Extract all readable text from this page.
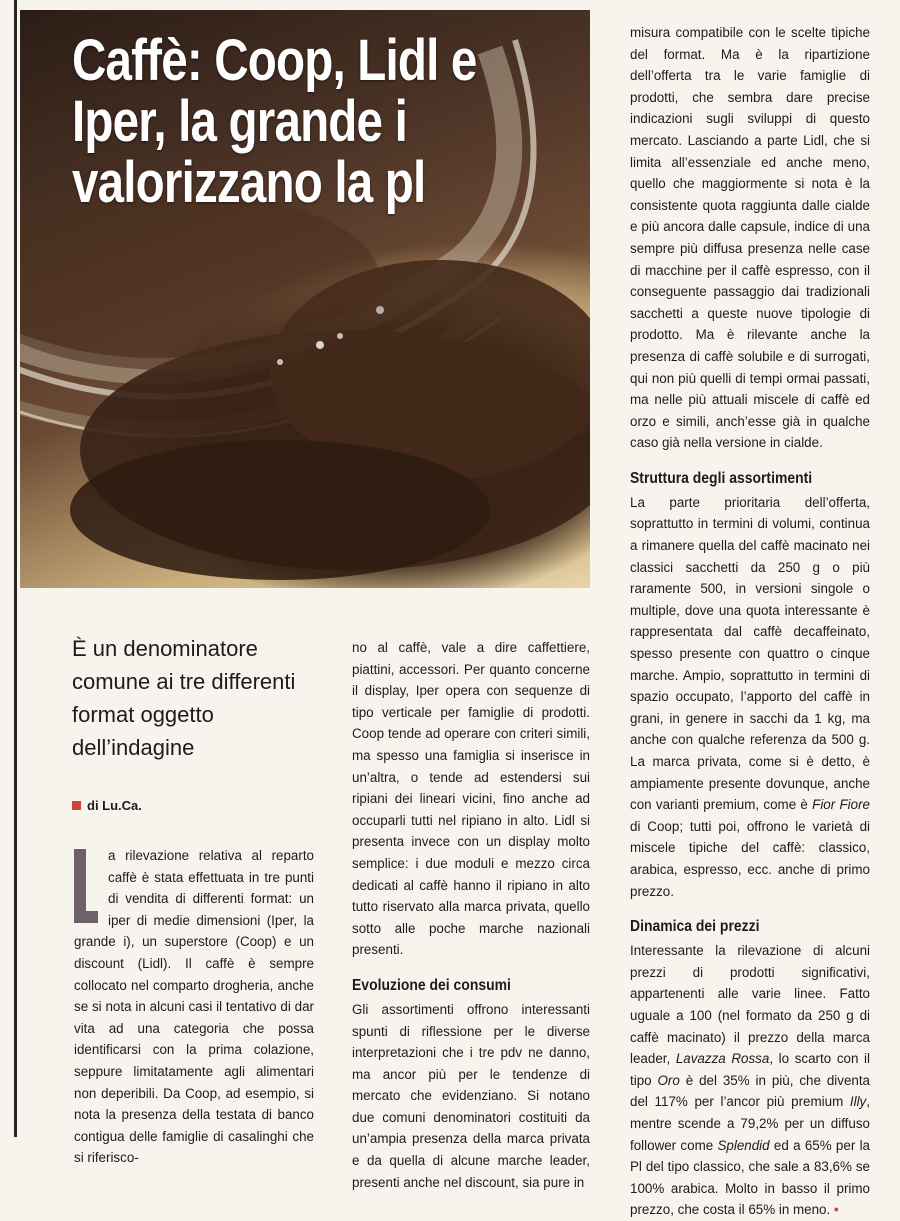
Caffè: Coop, Lidl e Iper, la grande i valorizzano la pl
È un denominatore comune ai tre differenti format oggetto dell’indagine

di Lu.Ca.

a rilevazione relativa al reparto caffè è stata effettuata in tre punti di vendita di differenti format: un iper di medie dimensioni (Iper, la grande i), un superstore (Coop) e un discount (Lidl). Il caffè è sempre collocato nel comparto drogheria, anche se si nota in alcuni casi il tentativo di dar vita ad una categoria che possa identificarsi con la prima colazione, seppure limitatamente agli alimentari non deperibili. Da Coop, ad esempio, si nota la presenza della testata di banco contigua delle famiglie di casalinghi che si riferisco-

no al caffè, vale a dire caffettiere, piattini, accessori. Per quanto concerne il display, Iper opera con sequenze di tipo verticale per famiglie di prodotti. Coop tende ad operare con criteri simili, ma spesso una famiglia si inserisce in un’altra, o tende ad estendersi sui ripiani dei lineari vicini, fino anche ad occuparli tutti nel ripiano in alto. Lidl si presenta invece con un display molto semplice: i due moduli e mezzo circa dedicati al caffè hanno il ripiano in alto tutto riservato alla marca privata, quello sotto alle poche marche nazionali presenti.

Evoluzione dei consumi

Gli assortimenti offrono interessanti spunti di riflessione per le diverse interpretazioni che i tre pdv ne danno, ma ancor più per le tendenze di mercato che evidenziano. Si notano due comuni denominatori costituiti da un’ampia presenza della marca privata e da quella di alcune marche leader, presenti anche nel discount, sia pure in

misura compatibile con le scelte tipiche del format. Ma è la ripartizione dell’offerta tra le varie famiglie di prodotti, che sembra dare precise indicazioni sugli sviluppi di questo mercato. Lasciando a parte Lidl, che si limita all’essenziale ed anche meno, quello che maggiormente si nota è la consistente quota raggiunta dalle cialde e più ancora dalle capsule, indice di una sempre più diffusa presenza nelle case di macchine per il caffè espresso, con il conseguente passaggio dai tradizionali sacchetti a queste nuove tipologie di prodotto. Ma è rilevante anche la presenza di caffè solubile e di surrogati, qui non più quelli di tempi ormai passati, ma nelle più attuali miscele di caffè ed orzo e simili, anch’esse già in qualche caso già nella versione in cialde.

Struttura degli assortimenti

La parte prioritaria dell’offerta, soprattutto in termini di volumi, continua a rimanere quella del caffè macinato nei classici sacchetti da 250 g o più raramente 500, in versioni singole o multiple, dove una quota interessante è rappresentata dal caffè decaffeinato, spesso presente con quattro o cinque marche. Ampio, soprattutto in termini di spazio occupato, l’apporto del caffè in grani, in genere in sacchi da 1 kg, ma anche con qualche referenza da 500 g. La marca privata, come si è detto, è ampiamente presente dovunque, anche con varianti premium, come è Fior Fiore di Coop; tutti poi, offrono le varietà di miscele tipiche del caffè: classico, arabica, espresso, ecc. anche di primo prezzo.

Dinamica dei prezzi

Interessante la rilevazione di alcuni prezzi di prodotti significativi, appartenenti alle varie linee. Fatto uguale a 100 (nel formato da 250 g di caffè macinato) il prezzo della marca leader, Lavazza Rossa, lo scarto con il tipo Oro è del 35% in più, che diventa del 117% per l’ancor più premium Illy, mentre scende a 79,2% per un diffuso follower come Splendid ed a 65% per la Pl del tipo classico, che sale a 83,6% se 100% arabica. Molto in basso il primo prezzo, che costa il 65% in meno. •
